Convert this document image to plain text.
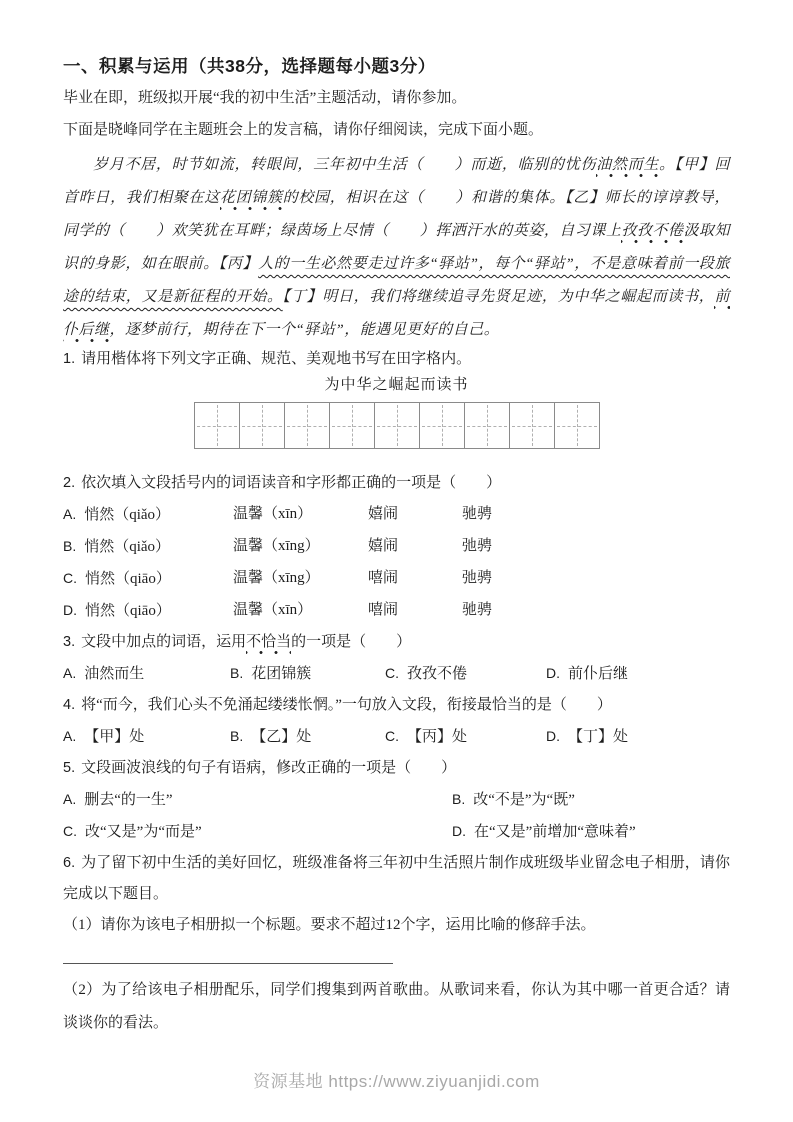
一、积累与运用（共38分，选择题每小题3分）

毕业在即，班级拟开展“我的初中生活”主题活动，请你参加。

下面是晓峰同学在主题班会上的发言稿，请你仔细阅读，完成下面小题。

岁月不居，时节如流，转眼间，三年初中生活（　　）而逝，临别的忧伤油然而生。【甲】回首昨日，我们相聚在这花团锦簇的校园，相识在这（　　）和谐的集体。【乙】师长的谆谆教导，同学的（　　）欢笑犹在耳畔；绿茵场上尽情（　　）挥洒汗水的英姿，自习课上孜孜不倦汲取知识的身影，如在眼前。【丙】人的一生必然要走过许多“驿站”，每个“驿站”，不是意味着前一段旅途的结束，又是新征程的开始。【丁】明日，我们将继续追寻先贤足迹，为中华之崛起而读书，前仆后继，逐梦前行，期待在下一个“驿站”，能遇见更好的自己。

1. 请用楷体将下列文字正确、规范、美观地书写在田字格内。

为中华之崛起而读书

2. 依次填入文段括号内的词语读音和字形都正确的一项是（　　）

A. 悄然（qiǎo）	温馨（xīn）	嬉闹	驰骋
B. 悄然（qiǎo）	温馨（xīng）	嬉闹	弛骋
C. 悄然（qiāo）	温馨（xīng）	嘻闹	弛骋
D. 悄然（qiāo）	温馨（xīn）	嘻闹	驰骋

3. 文段中加点的词语，运用不恰当的一项是（　　）

A. 油然而生	B. 花团锦簇	C. 孜孜不倦	D. 前仆后继

4. 将“而今，我们心头不免涌起缕缕怅惘。”一句放入文段，衔接最恰当的是（　　）

A. 【甲】处	B. 【乙】处	C. 【丙】处	D. 【丁】处

5. 文段画波浪线的句子有语病，修改正确的一项是（　　）

A. 删去“的一生”	B. 改“不是”为“既”
C. 改“又是”为“而是”	D. 在“又是”前增加“意味着”

6. 为了留下初中生活的美好回忆，班级准备将三年初中生活照片制作成班级毕业留念电子相册，请你完成以下题目。

（1）请你为该电子相册拟一个标题。要求不超过12个字，运用比喻的修辞手法。

（2）为了给该电子相册配乐，同学们搜集到两首歌曲。从歌词来看，你认为其中哪一首更合适？请谈谈你的看法。

资源基地 https://www.ziyuanjidi.com
